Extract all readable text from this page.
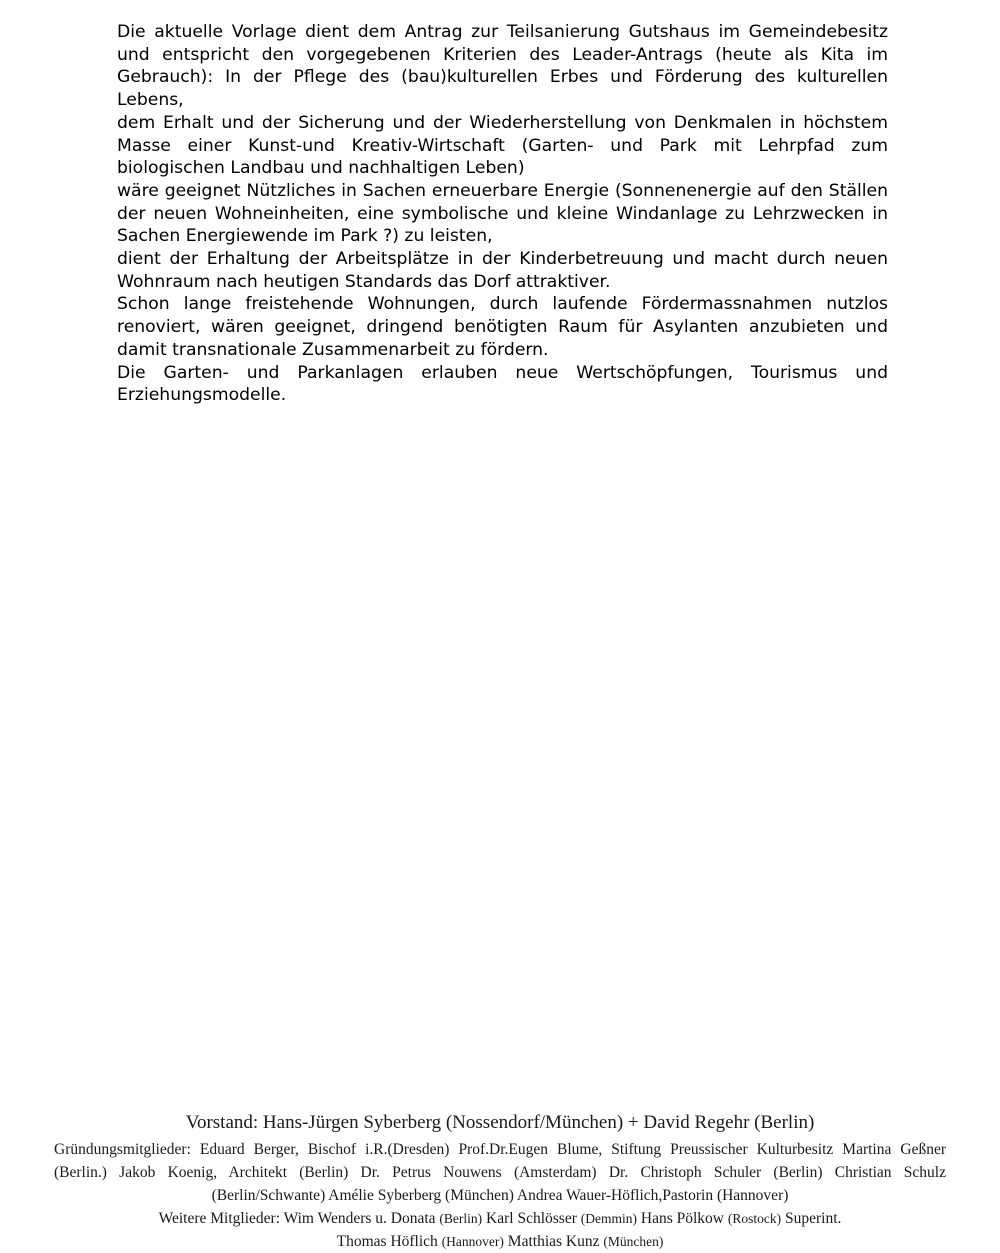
Die aktuelle Vorlage dient dem Antrag zur Teilsanierung Gutshaus im Gemeindebesitz und entspricht den vorgegebenen Kriterien des Leader-Antrags (heute als Kita im Gebrauch): In der Pflege des (bau)kulturellen Erbes und Förderung des kulturellen Lebens,

dem Erhalt und der Sicherung und der Wiederherstellung von Denkmalen in höchstem Masse einer Kunst-und Kreativ-Wirtschaft (Garten- und Park mit Lehrpfad zum biologischen Landbau und nachhaltigen Leben)

wäre geeignet Nützliches in Sachen erneuerbare Energie (Sonnenenergie auf den Ställen der neuen Wohneinheiten, eine symbolische und kleine Windanlage zu Lehrzwecken in Sachen Energiewende im Park ?) zu leisten,

dient der Erhaltung der Arbeitsplätze in der Kinderbetreuung und macht durch neuen Wohnraum nach heutigen Standards das Dorf attraktiver.

Schon lange freistehende Wohnungen, durch laufende Fördermassnahmen nutzlos renoviert, wären geeignet, dringend benötigten Raum für Asylanten anzubieten und damit transnationale Zusammenarbeit zu fördern.

Die Garten- und Parkanlagen erlauben neue Wertschöpfungen, Tourismus und Erziehungsmodelle.

Vorstand: Hans-Jürgen Syberberg (Nossendorf/München) + David Regehr (Berlin)

Gründungsmitglieder: Eduard Berger, Bischof i.R.(Dresden) Prof.Dr.Eugen Blume, Stiftung Preussischer Kulturbesitz Martina Geßner (Berlin.) Jakob Koenig, Architekt (Berlin) Dr. Petrus Nouwens (Amsterdam) Dr. Christoph Schuler (Berlin) Christian Schulz (Berlin/Schwante) Amélie Syberberg (München) Andrea Wauer-Höflich,Pastorin (Hannover)

Weitere Mitglieder: Wim Wenders u. Donata (Berlin) Karl Schlösser (Demmin) Hans Pölkow (Rostock) Superint.
Thomas Höflich (Hannover) Matthias Kunz (München)
